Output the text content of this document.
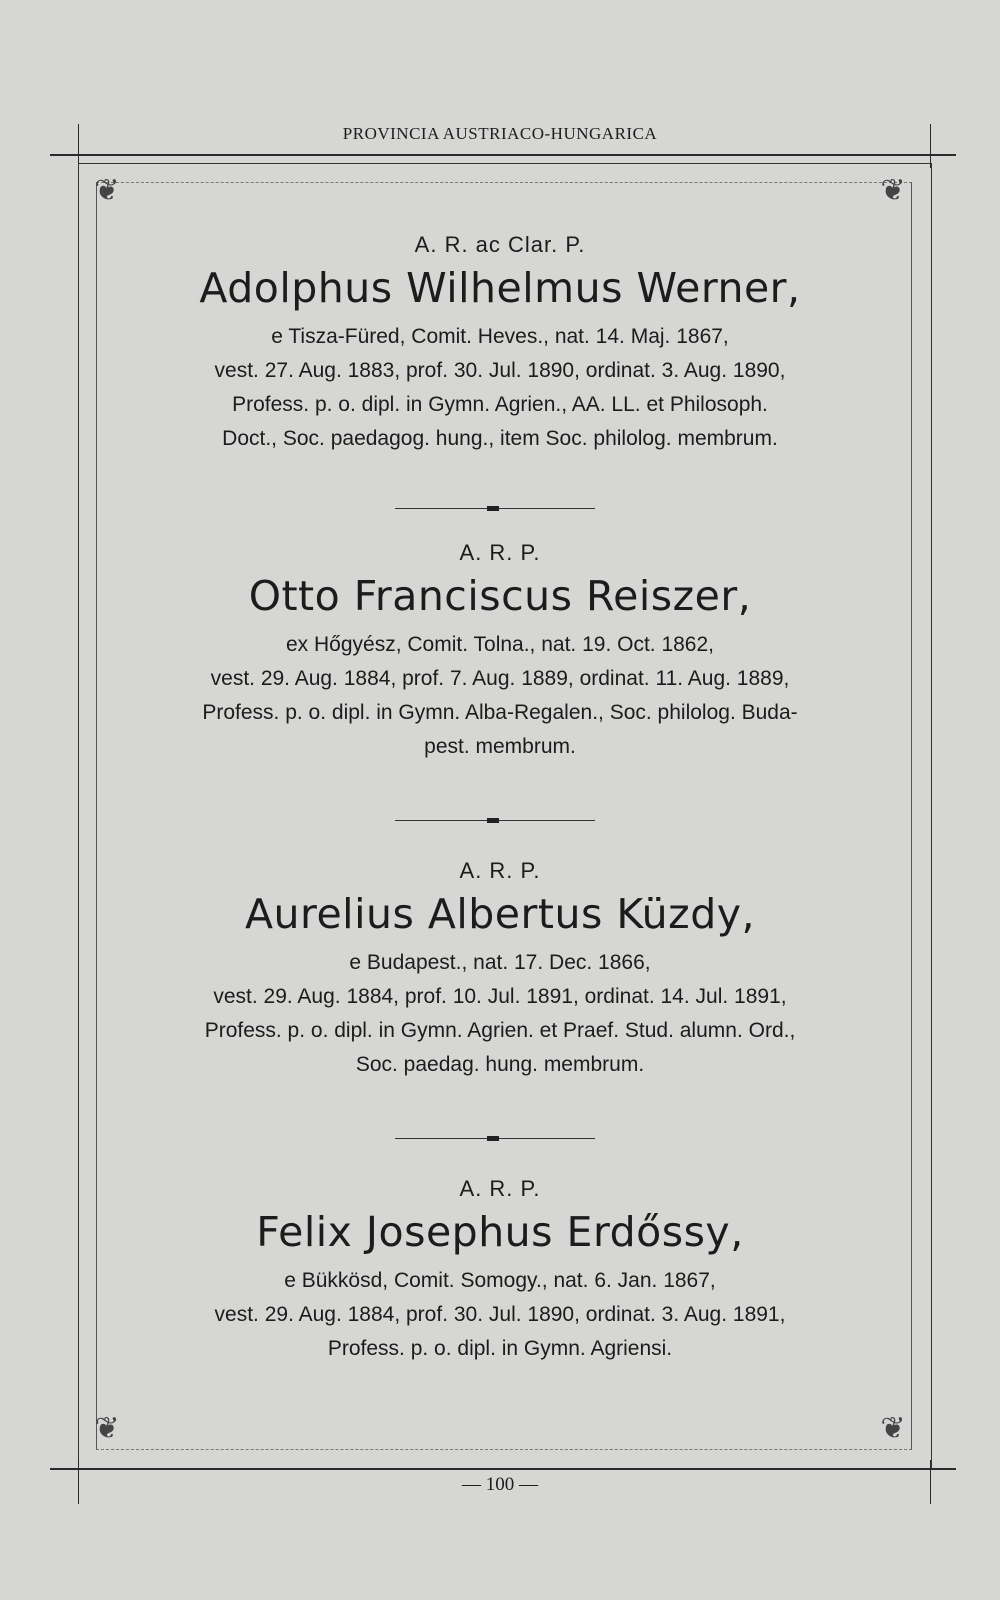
PROVINCIA AUSTRIACO-HUNGARICA
❦	❦
❦	❦
A. R. ac Clar. P.
Adolphus Wilhelmus Werner,

e Tisza-Füred, Comit. Heves., nat. 14. Maj. 1867,

vest. 27. Aug. 1883, prof. 30. Jul. 1890, ordinat. 3. Aug. 1890,

Profess. p. o. dipl. in Gymn. Agrien., AA. LL. et Philosoph.

Doct., Soc. paedagog. hung., item Soc. philolog. membrum.

A. R. P.
Otto Franciscus Reiszer,

ex Hőgyész, Comit. Tolna., nat. 19. Oct. 1862,

vest. 29. Aug. 1884, prof. 7. Aug. 1889, ordinat. 11. Aug. 1889,

Profess. p. o. dipl. in Gymn. Alba-Regalen., Soc. philolog. Buda-

pest. membrum.

A. R. P.
Aurelius Albertus Küzdy,

e Budapest., nat. 17. Dec. 1866,

vest. 29. Aug. 1884, prof. 10. Jul. 1891, ordinat. 14. Jul. 1891,

Profess. p. o. dipl. in Gymn. Agrien. et Praef. Stud. alumn. Ord.,

Soc. paedag. hung. membrum.

A. R. P.
Felix Josephus Erdőssy,

e Bükkösd, Comit. Somogy., nat. 6. Jan. 1867,

vest. 29. Aug. 1884, prof. 30. Jul. 1890, ordinat. 3. Aug. 1891,

Profess. p. o. dipl. in Gymn. Agriensi.

— 100 —
